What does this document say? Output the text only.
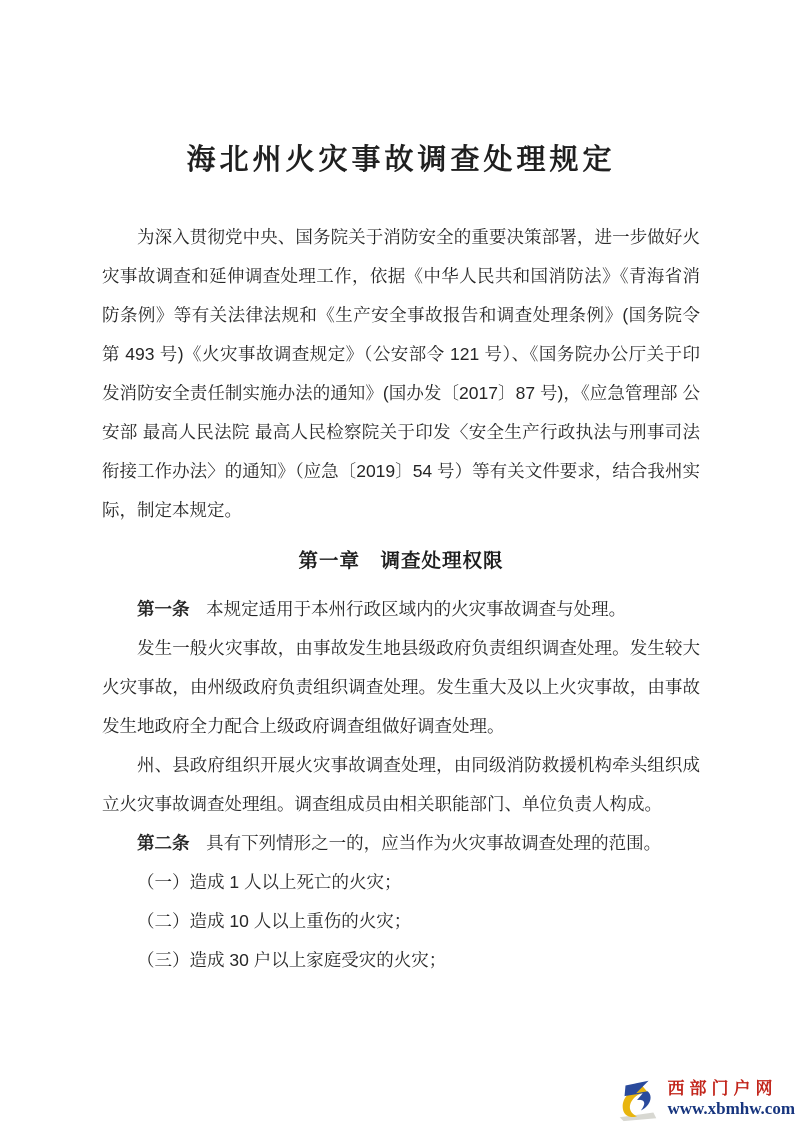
海北州火灾事故调查处理规定

为深入贯彻党中央、国务院关于消防安全的重要决策部署，进一步做好火灾事故调查和延伸调查处理工作，依据《中华人民共和国消防法》《青海省消防条例》等有关法律法规和《生产安全事故报告和调查处理条例》(国务院令第 493 号)《火灾事故调查规定》（公安部令 121 号）、《国务院办公厅关于印发消防安全责任制实施办法的通知》(国办发〔2017〕87 号)，《应急管理部 公安部 最高人民法院 最高人民检察院关于印发〈安全生产行政执法与刑事司法衔接工作办法〉的通知》（应急〔2019〕54 号）等有关文件要求，结合我州实际，制定本规定。

第一章　调查处理权限

第一条 本规定适用于本州行政区域内的火灾事故调查与处理。

发生一般火灾事故，由事故发生地县级政府负责组织调查处理。发生较大火灾事故，由州级政府负责组织调查处理。发生重大及以上火灾事故，由事故发生地政府全力配合上级政府调查组做好调查处理。

州、县政府组织开展火灾事故调查处理，由同级消防救援机构牵头组织成立火灾事故调查处理组。调查组成员由相关职能部门、单位负责人构成。

第二条 具有下列情形之一的，应当作为火灾事故调查处理的范围。

（一）造成 1 人以上死亡的火灾；

（二）造成 10 人以上重伤的火灾；

（三）造成 30 户以上家庭受灾的火灾；

西部门户网
www.xbmhw.com
